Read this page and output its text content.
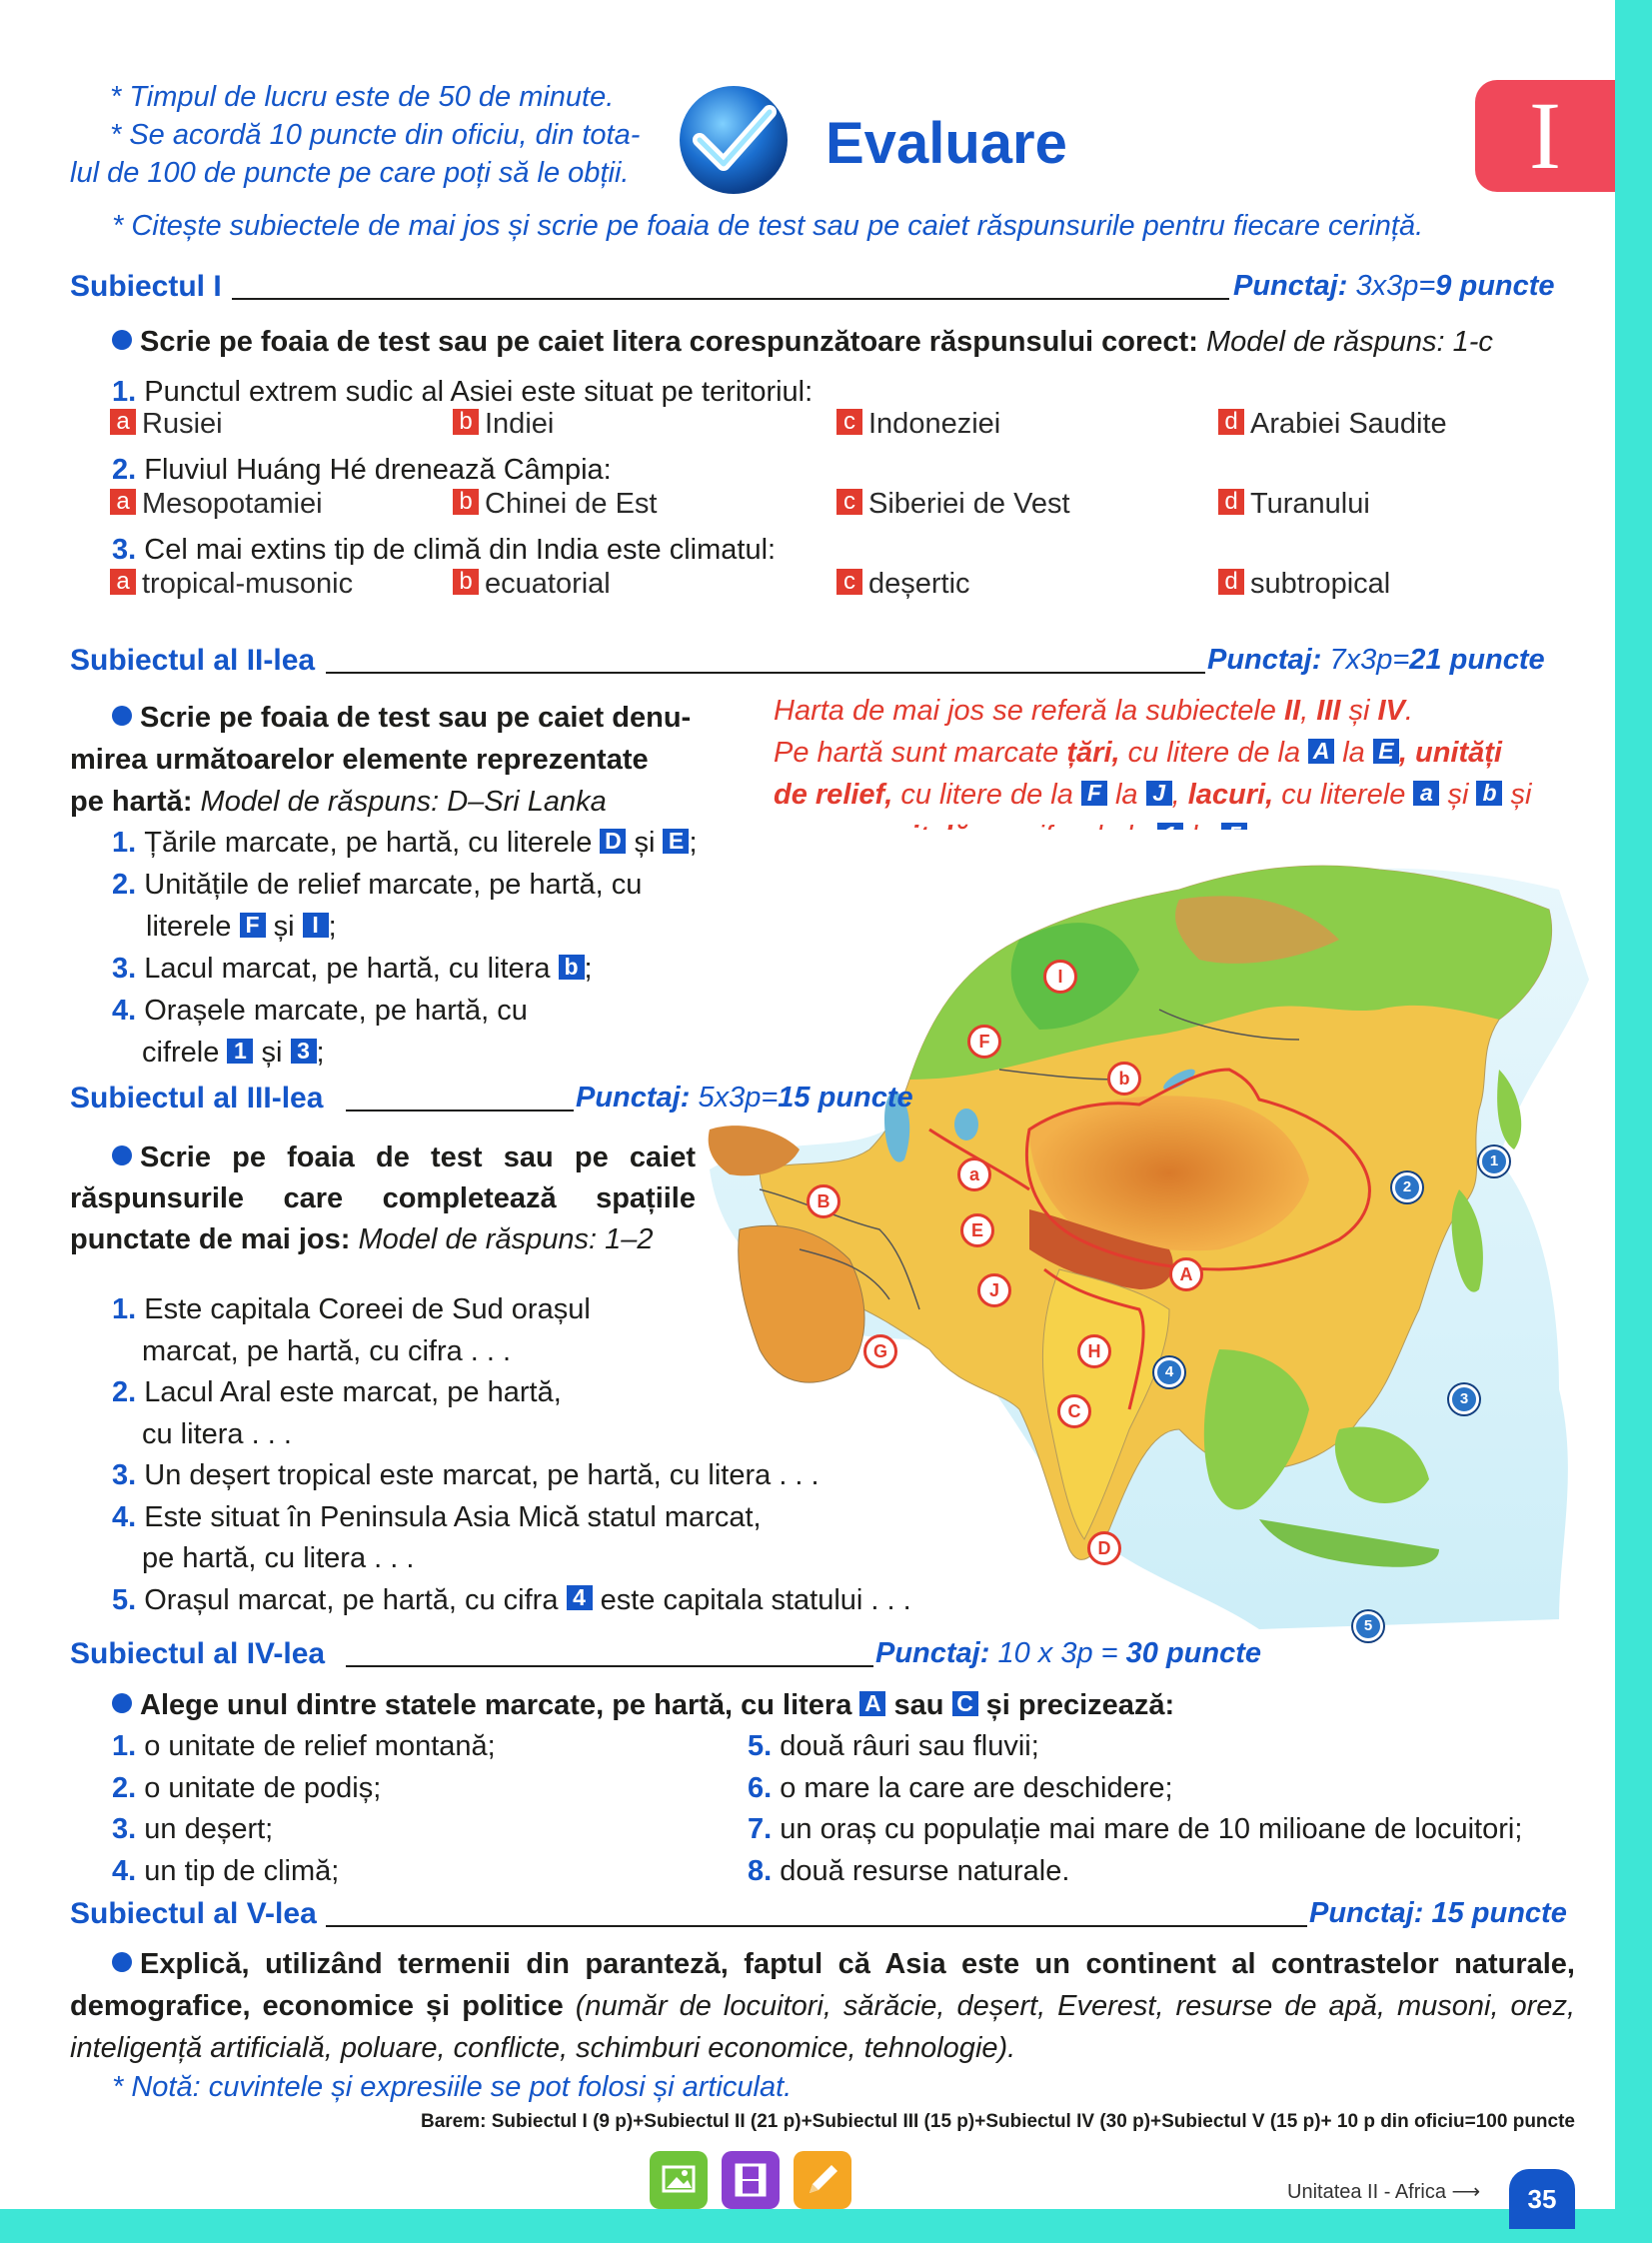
* Timpul de lucru este de 50 de minute.
* Se acordă 10 puncte din oficiu, din tota-
lul de 100 de puncte pe care poți să le obții.	Evaluare	I
* Citește subiectele de mai jos și scrie pe foaia de test sau pe caiet răspunsurile pentru fiecare cerință.
Subiectul I	Punctaj: 3x3p=9 puncte
Scrie pe foaia de test sau pe caiet litera corespunzătoare răspunsului corect: Model de răspuns: 1-c
1. Punctul extrem sudic al Asiei este situat pe teritoriul:
a Rusiei	b Indiei	c Indoneziei	d Arabiei Saudite
2. Fluviul Huáng Hé drenează Câmpia:
a Mesopotamiei	b Chinei de Est	c Siberiei de Vest	d Turanului
3. Cel mai extins tip de climă din India este climatul:
a tropical-musonic	b ecuatorial	c deșertic	d subtropical
Subiectul al II-lea	Punctaj: 7x3p=21 puncte
Scrie pe foaia de test sau pe caiet denu-
mirea următoarelor elemente reprezentate
pe hartă: Model de răspuns: D–Sri Lanka
1. Țările marcate, pe hartă, cu literele D și E ;
2. Unitățile de relief marcate, pe hartă, cu
literele F și I ;
3. Lacul marcat, pe hartă, cu litera b ;
4. Orașele marcate, pe hartă, cu
cifrele 1 și 3 ;
Harta de mai jos se referă la subiectele II, III și IV.
Pe hartă sunt marcate țări, cu litere de la A la E , unități
de relief, cu litere de la F la J , lacuri, cu literele a și b și

B
F
I
b
a
E
J
G	H
A
C
D
1
2
3
4
5
Subiectul al III-lea	Punctaj: 5x3p=15 puncte
Scrie pe foaia de test sau pe caiet
răspunsurile care completează spațiile
punctate de mai jos: Model de răspuns: 1–2
1. Este capitala Coreei de Sud orașul
marcat, pe hartă, cu cifra . . .
2. Lacul Aral este marcat, pe hartă,
cu litera . . .
3. Un deșert tropical este marcat, pe hartă, cu litera . . .
4. Este situat în Peninsula Asia Mică statul marcat,
pe hartă, cu litera . . .
5. Orașul marcat, pe hartă, cu cifra 4 este capitala statului . . .
Subiectul al IV-lea	Punctaj: 10 x 3p = 30 puncte
Alege unul dintre statele marcate, pe hartă, cu litera A sau C și precizează:
1. o unitate de relief montană;
2. o unitate de podiș;
3. un deșert;
4. un tip de climă;
5. două râuri sau fluvii;
6. o mare la care are deschidere;
7. un oraș cu populație mai mare de 10 milioane de locuitori;
8. două resurse naturale.
Subiectul al V-lea	Punctaj: 15 puncte
Explică, utilizând termenii din paranteză, faptul că Asia este un continent al contrastelor naturale, demografice, economice și politice (număr de locuitori, sărăcie, deșert, Everest, resurse de apă, musoni, orez, inteligență artificială, poluare, conflicte, schimburi economice, tehnologie).
* Notă: cuvintele și expresiile se pot folosi și articulat.
Barem: Subiectul I (9 p)+Subiectul II (21 p)+Subiectul III (15 p)+Subiectul IV (30 p)+Subiectul V (15 p)+ 10 p din oficiu=100 puncte
Unitatea II - Africa ⟶	35
